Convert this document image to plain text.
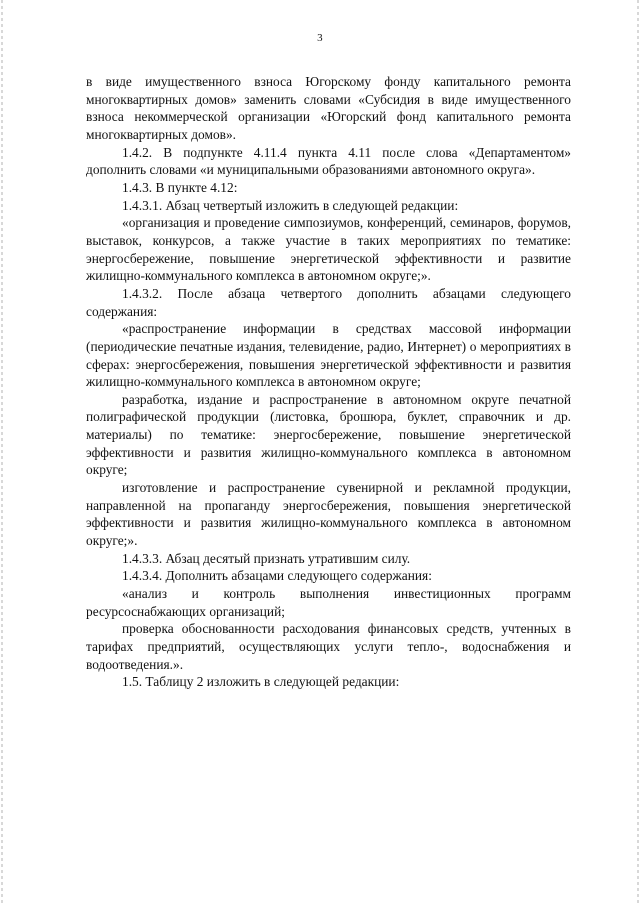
3

в виде имущественного взноса Югорскому фонду капитального ремонта многоквартирных домов» заменить словами «Субсидия в виде имущественного взноса некоммерческой организации «Югорский фонд капитального ремонта многоквартирных домов».

1.4.2. В подпункте 4.11.4 пункта 4.11 после слова «Департаментом» дополнить словами «и муниципальными образованиями автономного округа».

1.4.3. В пункте 4.12:

1.4.3.1. Абзац четвертый изложить в следующей редакции:

«организация и проведение симпозиумов, конференций, семинаров, форумов, выставок, конкурсов, а также участие в таких мероприятиях по тематике: энергосбережение, повышение энергетической эффективности и развитие жилищно-коммунального комплекса в автономном округе;».

1.4.3.2. После абзаца четвертого дополнить абзацами следующего содержания:

«распространение информации в средствах массовой информации (периодические печатные издания, телевидение, радио, Интернет) о мероприятиях в сферах: энергосбережения, повышения энергетической эффективности и развития жилищно-коммунального комплекса в автономном округе;

разработка, издание и распространение в автономном округе печатной полиграфической продукции (листовка, брошюра, буклет, справочник и др. материалы) по тематике: энергосбережение, повышение энергетической эффективности и развития жилищно-коммунального комплекса в автономном округе;

изготовление и распространение сувенирной и рекламной продукции, направленной на пропаганду энергосбережения, повышения энергетической эффективности и развития жилищно-коммунального комплекса в автономном округе;».

1.4.3.3. Абзац десятый признать утратившим силу.

1.4.3.4. Дополнить абзацами следующего содержания:

«анализ и контроль выполнения инвестиционных программ ресурсоснабжающих организаций;

проверка обоснованности расходования финансовых средств, учтенных в тарифах предприятий, осуществляющих услуги тепло-, водоснабжения и водоотведения.».

1.5. Таблицу 2 изложить в следующей редакции:
